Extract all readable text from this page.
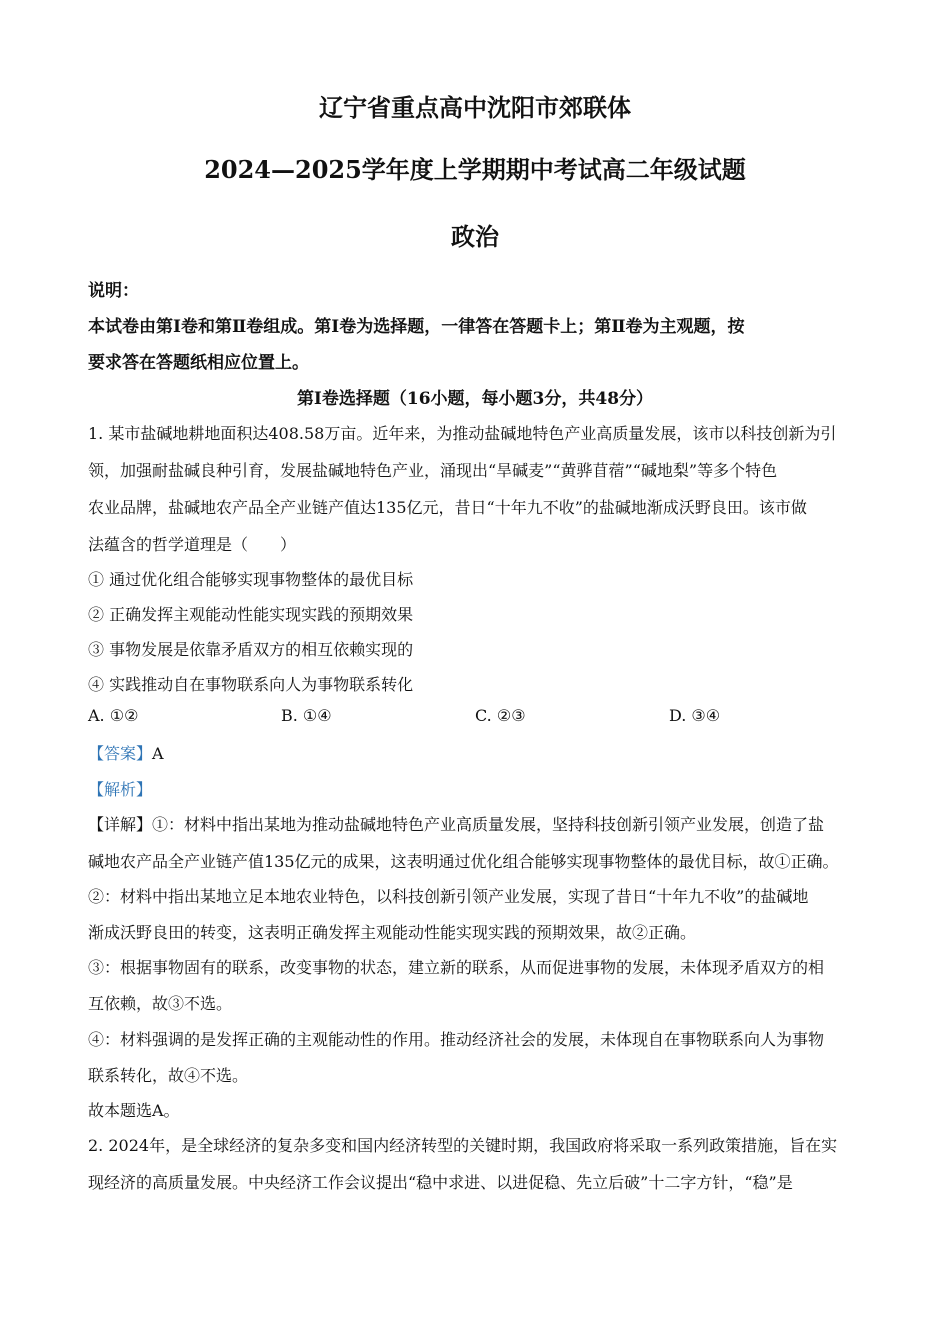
辽宁省重点高中沈阳市郊联体
2024—2025学年度上学期期中考试高二年级试题
政治
说明：
本试卷由第Ⅰ卷和第Ⅱ卷组成。第Ⅰ卷为选择题，一律答在答题卡上；第Ⅱ卷为主观题，按
要求答在答题纸相应位置上。
第Ⅰ卷选择题（16小题，每小题3分，共48分）
1. 某市盐碱地耕地面积达408.58万亩。近年来，为推动盐碱地特色产业高质量发展，该市以科技创新为引
领，加强耐盐碱良种引育，发展盐碱地特色产业，涌现出“旱碱麦”“黄骅苜蓿”“碱地梨”等多个特色
农业品牌，盐碱地农产品全产业链产值达135亿元，昔日“十年九不收”的盐碱地渐成沃野良田。该市做
法蕴含的哲学道理是（　　）
① 通过优化组合能够实现事物整体的最优目标
② 正确发挥主观能动性能实现实践的预期效果
③ 事物发展是依靠矛盾双方的相互依赖实现的
④ 实践推动自在事物联系向人为事物联系转化
A. ①②	B. ①④	C. ②③	D. ③④
【答案】A
【解析】
【详解】①：材料中指出某地为推动盐碱地特色产业高质量发展，坚持科技创新引领产业发展，创造了盐
碱地农产品全产业链产值135亿元的成果，这表明通过优化组合能够实现事物整体的最优目标，故①正确。
②：材料中指出某地立足本地农业特色，以科技创新引领产业发展，实现了昔日“十年九不收”的盐碱地
渐成沃野良田的转变，这表明正确发挥主观能动性能实现实践的预期效果，故②正确。
③：根据事物固有的联系，改变事物的状态，建立新的联系，从而促进事物的发展，未体现矛盾双方的相
互依赖，故③不选。
④：材料强调的是发挥正确的主观能动性的作用。推动经济社会的发展，未体现自在事物联系向人为事物
联系转化，故④不选。
故本题选A。
2. 2024年，是全球经济的复杂多变和国内经济转型的关键时期，我国政府将采取一系列政策措施，旨在实
现经济的高质量发展。中央经济工作会议提出“稳中求进、以进促稳、先立后破”十二字方针，“稳”是
